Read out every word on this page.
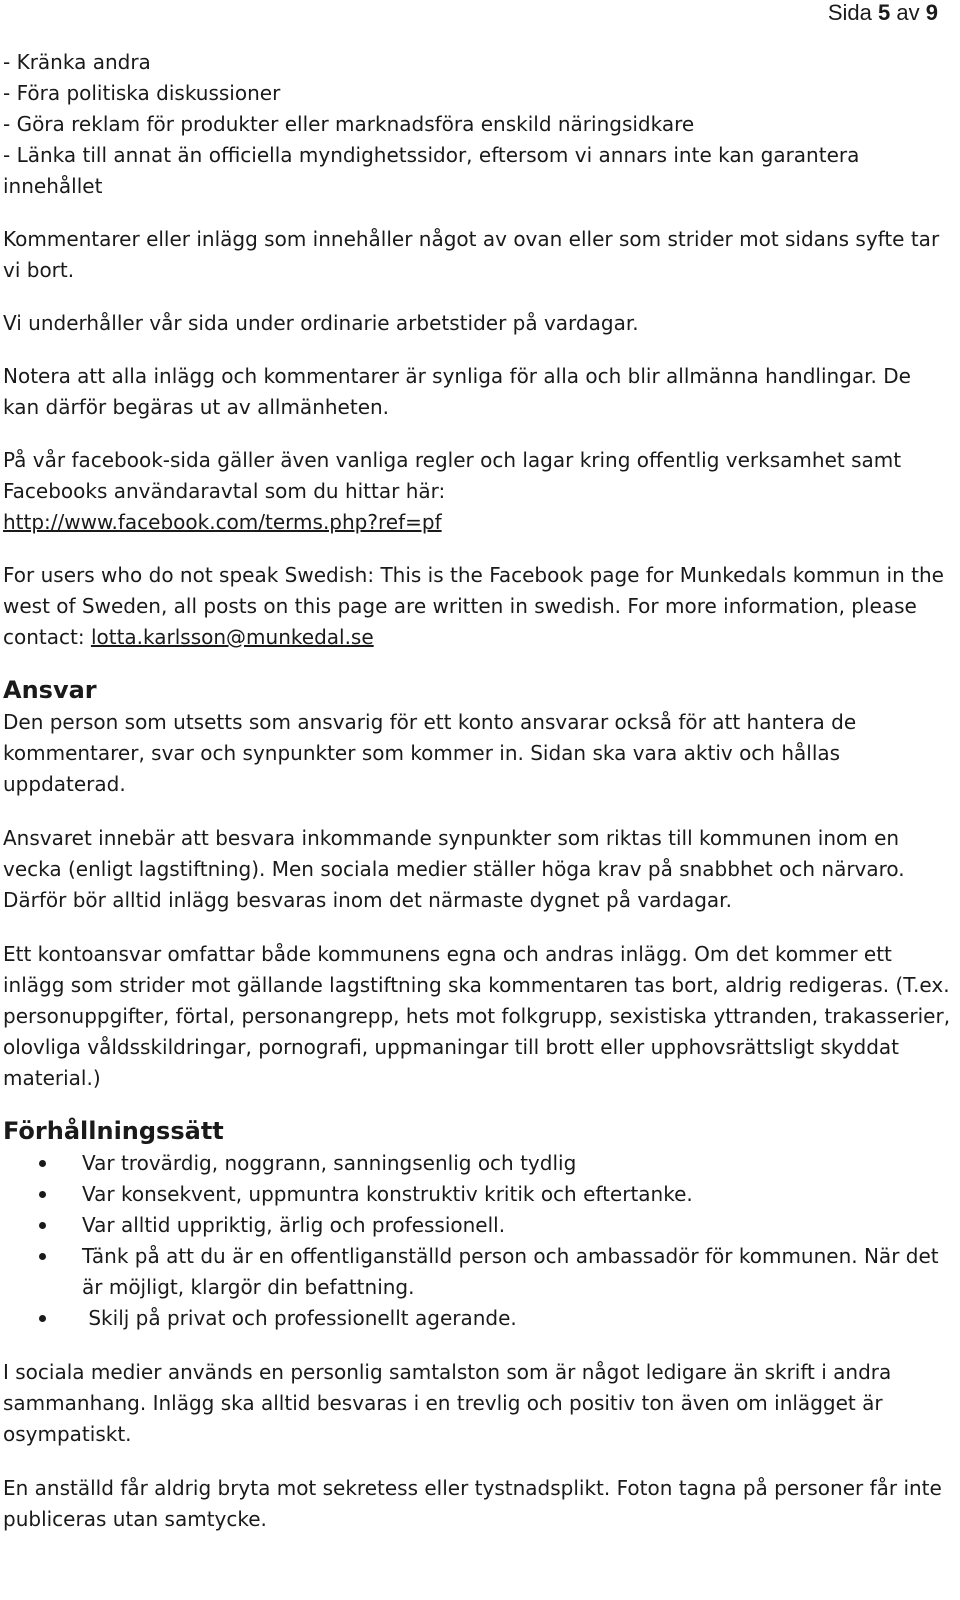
Sida 5 av 9

- Kränka andra

- Föra politiska diskussioner

- Göra reklam för produkter eller marknadsföra enskild näringsidkare

- Länka till annat än officiella myndighetssidor, eftersom vi annars inte kan garantera innehållet

Kommentarer eller inlägg som innehåller något av ovan eller som strider mot sidans syfte tar vi bort.

Vi underhåller vår sida under ordinarie arbetstider på vardagar.

Notera att alla inlägg och kommentarer är synliga för alla och blir allmänna handlingar. De kan därför begäras ut av allmänheten.

På vår facebook-sida gäller även vanliga regler och lagar kring offentlig verksamhet samt Facebooks användaravtal som du hittar här:
http://www.facebook.com/terms.php?ref=pf

For users who do not speak Swedish: This is the Facebook page for Munkedals kommun in the west of Sweden, all posts on this page are written in swedish. For more information, please contact: lotta.karlsson@munkedal.se

Ansvar

Den person som utsetts som ansvarig för ett konto ansvarar också för att hantera de kommentarer, svar och synpunkter som kommer in. Sidan ska vara aktiv och hållas uppdaterad.

Ansvaret innebär att besvara inkommande synpunkter som riktas till kommunen inom en vecka (enligt lagstiftning). Men sociala medier ställer höga krav på snabbhet och närvaro. Därför bör alltid inlägg besvaras inom det närmaste dygnet på vardagar.

Ett kontoansvar omfattar både kommunens egna och andras inlägg. Om det kommer ett inlägg som strider mot gällande lagstiftning ska kommentaren tas bort, aldrig redigeras. (T.ex. personuppgifter, förtal, personangrepp, hets mot folkgrupp, sexistiska yttranden, trakasserier, olovliga våldsskildringar, pornografi, uppmaningar till brott eller upphovsrättsligt skyddat material.)

Förhållningssätt
Var trovärdig, noggrann, sanningsenlig och tydlig
Var konsekvent, uppmuntra konstruktiv kritik och eftertanke.
Var alltid uppriktig, ärlig och professionell.
Tänk på att du är en offentliganställd person och ambassadör för kommunen. När det är möjligt, klargör din befattning.
Skilj på privat och professionellt agerande.

I sociala medier används en personlig samtalston som är något ledigare än skrift i andra sammanhang. Inlägg ska alltid besvaras i en trevlig och positiv ton även om inlägget är osympatiskt.

En anställd får aldrig bryta mot sekretess eller tystnadsplikt. Foton tagna på personer får inte publiceras utan samtycke.
